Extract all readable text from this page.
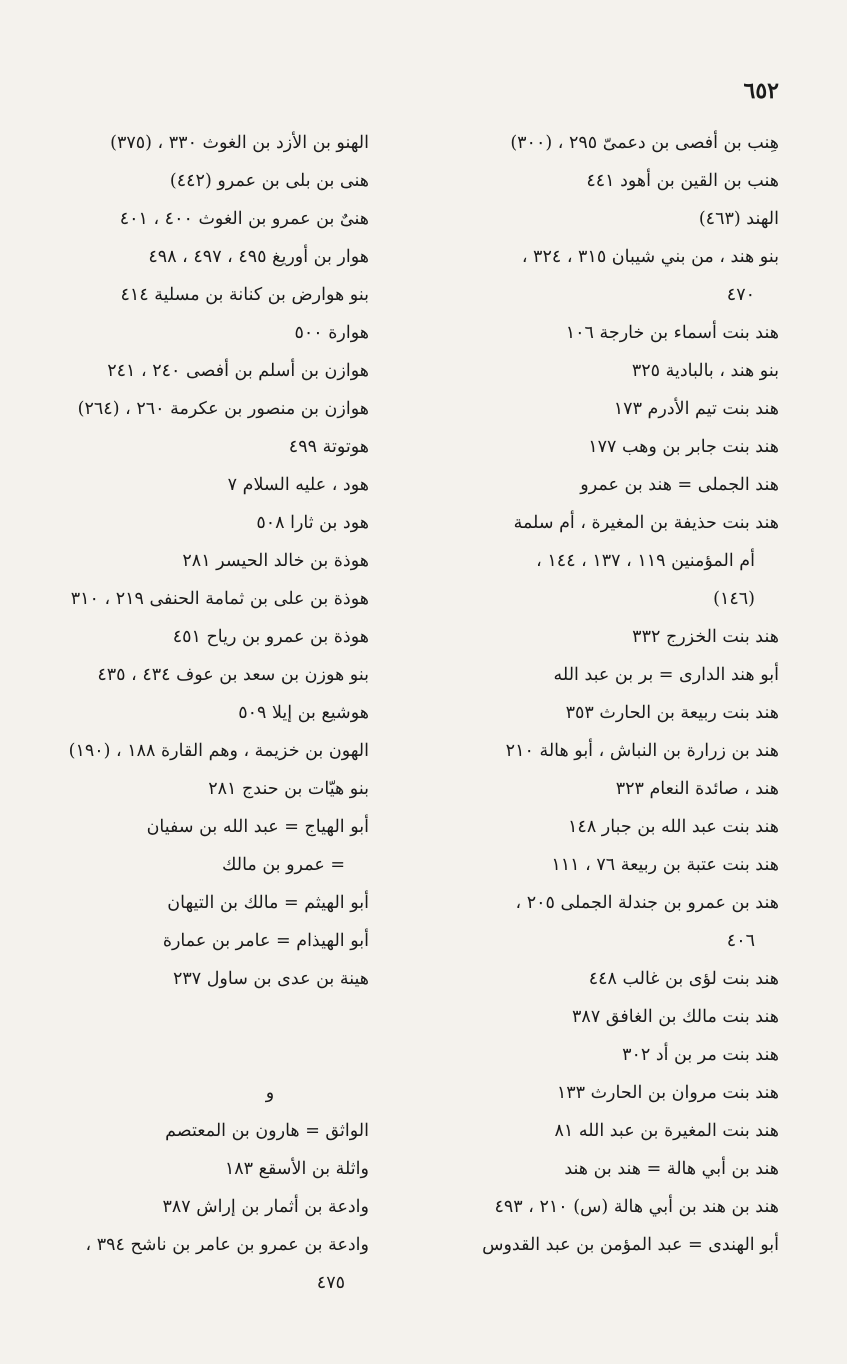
٦٥٢
هِنب بن أفصى بن دعمىّ ٢٩٥ ، (٣٠٠)
هنب بن القين بن أهود ٤٤١
الهند (٤٦٣)
بنو هند ، من بني شيبان ٣١٥ ، ٣٢٤ ،
٤٧٠
هند بنت أسماء بن خارجة ١٠٦
بنو هند ، بالبادية ٣٢٥
هند بنت تيم الأدرم ١٧٣
هند بنت جابر بن وهب ١٧٧
هند الجملى = هند بن عمرو
هند بنت حذيفة بن المغيرة ، أم سلمة
أم المؤمنين ١١٩ ، ١٣٧ ، ١٤٤ ،
(١٤٦)
هند بنت الخزرج ٣٣٢
أبو هند الدارى = بر بن عبد الله
هند بنت ربيعة بن الحارث ٣٥٣
هند بن زرارة بن النباش ، أبو هالة ٢١٠
هند ، صائدة النعام ٣٢٣
هند بنت عبد الله بن جبار ١٤٨
هند بنت عتبة بن ربيعة ٧٦ ، ١١١
هند بن عمرو بن جندلة الجملى ٢٠٥ ،
٤٠٦
هند بنت لؤى بن غالب ٤٤٨
هند بنت مالك بن الغافق ٣٨٧
هند بنت مر بن أد ٣٠٢
هند بنت مروان بن الحارث ١٣٣
هند بنت المغيرة بن عبد الله ٨١
هند بن أبي هالة = هند بن هند
هند بن هند بن أبي هالة (س) ٢١٠ ، ٤٩٣
أبو الهندى = عبد المؤمن بن عبد القدوس
الهنو بن الأزد بن الغوث ٣٣٠ ، (٣٧٥)
هنى بن بلى بن عمرو (٤٤٢)
هنىٌ بن عمرو بن الغوث ٤٠٠ ، ٤٠١
هوار بن أوريغ ٤٩٥ ، ٤٩٧ ، ٤٩٨
بنو هوارض بن كنانة بن مسلية ٤١٤
هوارة ٥٠٠
هوازن بن أسلم بن أفصى ٢٤٠ ، ٢٤١
هوازن بن منصور بن عكرمة ٢٦٠ ، (٢٦٤)
هوتوتة ٤٩٩
هود ، عليه السلام ٧
هود بن ثارا ٥٠٨
هوذة بن خالد الحيسر ٢٨١
هوذة بن على بن ثمامة الحنفى ٢١٩ ، ٣١٠
هوذة بن عمرو بن رياح ٤٥١
بنو هوزن بن سعد بن عوف ٤٣٤ ، ٤٣٥
هوشيع بن إيلا ٥٠٩
الهون بن خزيمة ، وهم القارة ١٨٨ ، (١٩٠)
بنو هيّات بن حندج ٢٨١
أبو الهياج = عبد الله بن سفيان
= عمرو بن مالك
أبو الهيثم = مالك بن التيهان
أبو الهيذام = عامر بن عمارة
هينة بن عدى بن ساول ٢٣٧
و
الواثق = هارون بن المعتصم
واثلة بن الأسقع ١٨٣
وادعة بن أثمار بن إراش ٣٨٧
وادعة بن عمرو بن عامر بن ناشح ٣٩٤ ،
٤٧٥
